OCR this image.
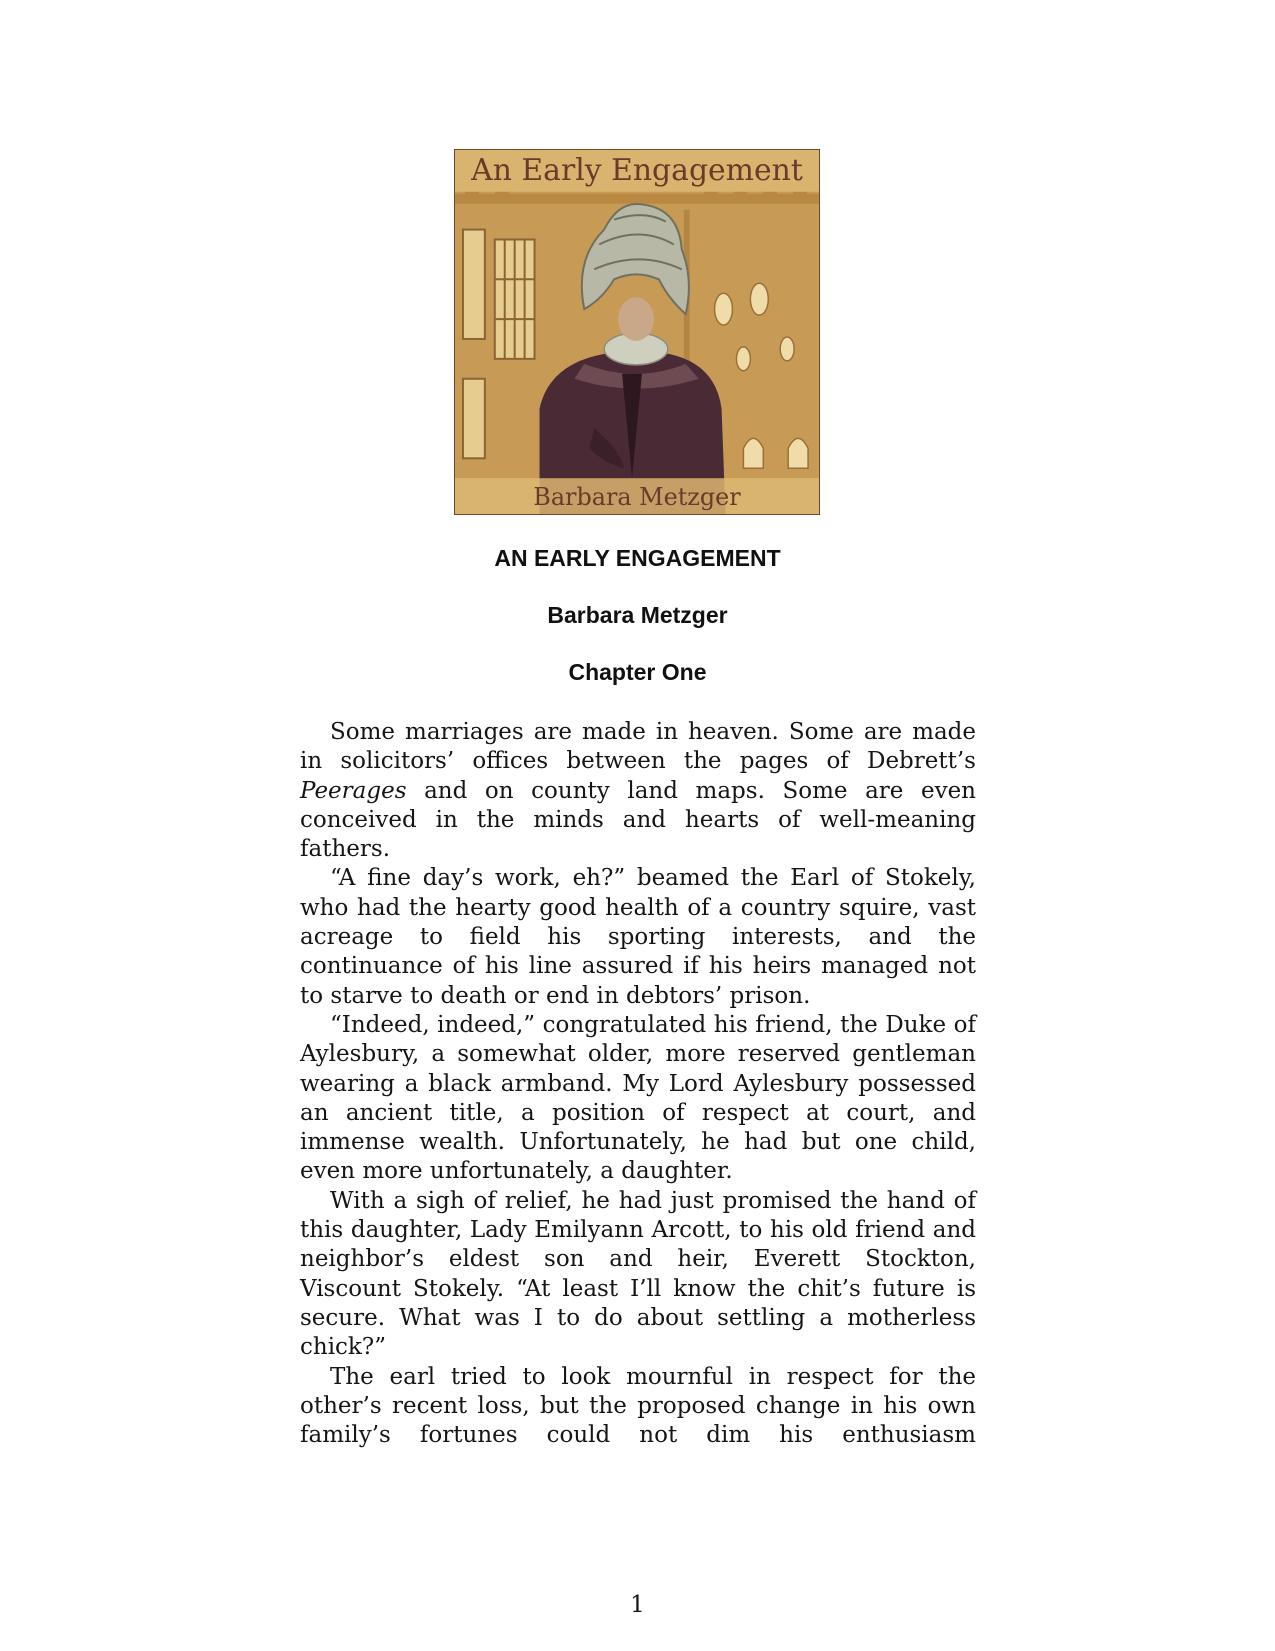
An Early Engagement
Barbara Metzger
AN EARLY ENGAGEMENT
Barbara Metzger
Chapter One

Some marriages are made in heaven. Some are made in solicitors’ offices between the pages of Debrett’s Peerages and on county land maps. Some are even conceived in the minds and hearts of well-meaning fathers.

“A fine day’s work, eh?” beamed the Earl of Stokely, who had the hearty good health of a country squire, vast acreage to field his sporting interests, and the continuance of his line assured if his heirs managed not to starve to death or end in debtors’ prison.

“Indeed, indeed,” congratulated his friend, the Duke of Aylesbury, a somewhat older, more reserved gentleman wearing a black armband. My Lord Aylesbury possessed an ancient title, a position of respect at court, and immense wealth. Unfortunately, he had but one child, even more unfortunately, a daughter.

With a sigh of relief, he had just promised the hand of this daughter, Lady Emilyann Arcott, to his old friend and neighbor’s eldest son and heir, Everett Stockton, Viscount Stokely. “At least I’ll know the chit’s future is secure. What was I to do about settling a motherless chick?”

The earl tried to look mournful in respect for the other’s recent loss, but the proposed change in his own family’s fortunes could not dim his enthusiasm

1
